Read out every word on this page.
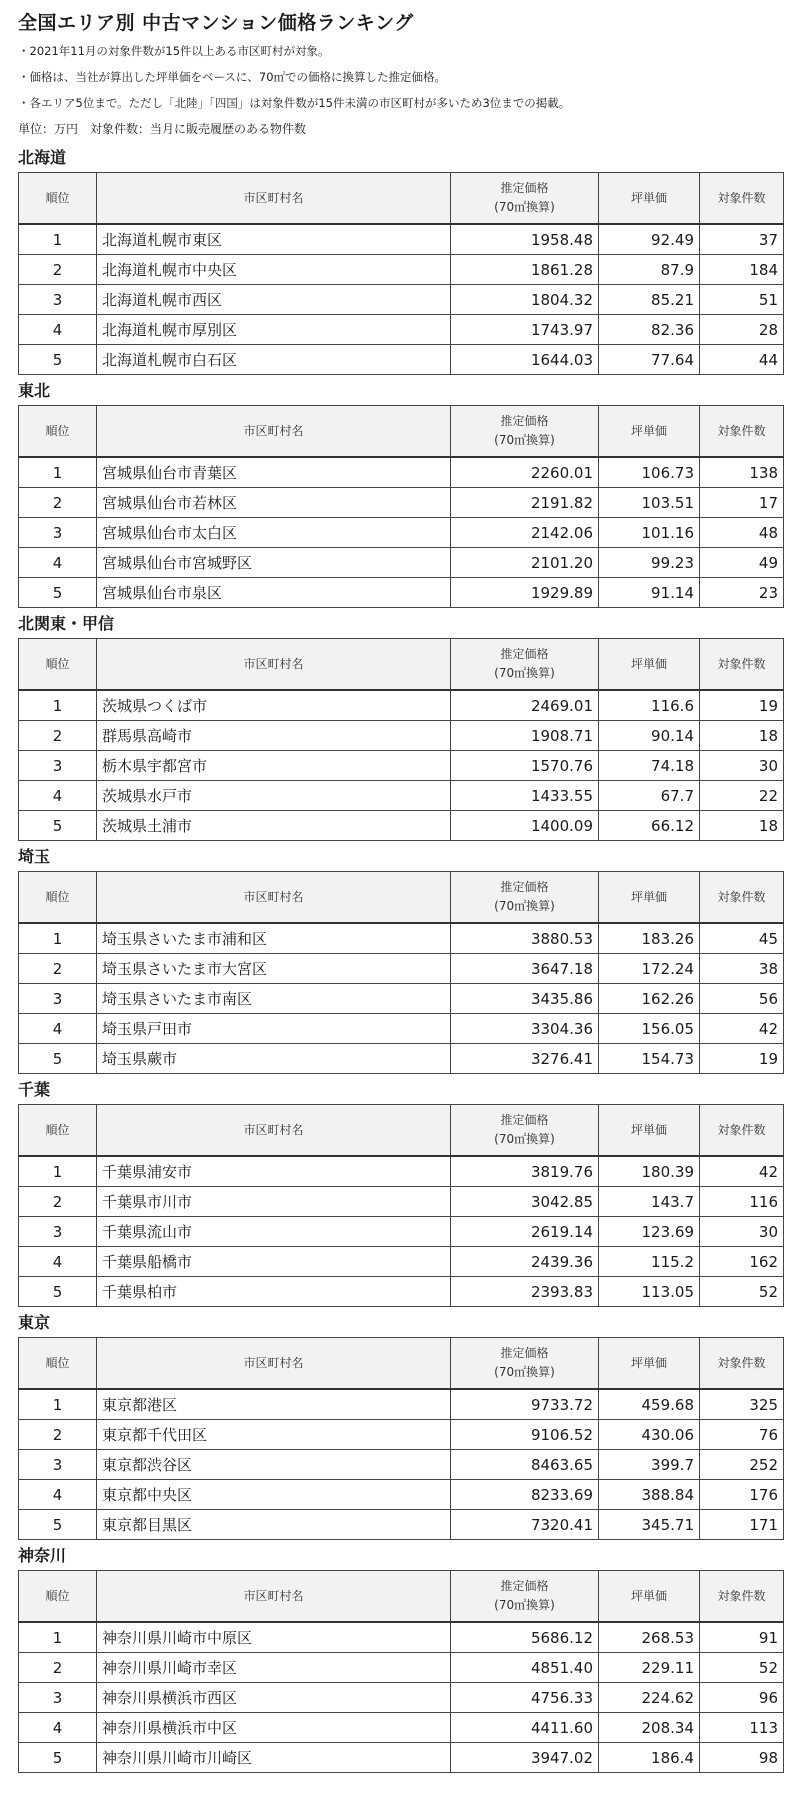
全国エリア別 中古マンション価格ランキング
・2021年11月の対象件数が15件以上ある市区町村が対象。
・価格は、当社が算出した坪単価をベースに、70㎡での価格に換算した推定価格。
・各エリア5位まで。ただし「北陸」「四国」は対象件数が15件未満の市区町村が多いため3位までの掲載。
単位：万円　対象件数：当月に販売履歴のある物件数
北海道
順位	市区町村名	推定価格
(70㎡換算)	坪単価	対象件数
1	北海道札幌市東区	1958.48	92.49	37
2	北海道札幌市中央区	1861.28	87.9	184
3	北海道札幌市西区	1804.32	85.21	51
4	北海道札幌市厚別区	1743.97	82.36	28
5	北海道札幌市白石区	1644.03	77.64	44
東北
順位	市区町村名	推定価格
(70㎡換算)	坪単価	対象件数
1	宮城県仙台市青葉区	2260.01	106.73	138
2	宮城県仙台市若林区	2191.82	103.51	17
3	宮城県仙台市太白区	2142.06	101.16	48
4	宮城県仙台市宮城野区	2101.20	99.23	49
5	宮城県仙台市泉区	1929.89	91.14	23
北関東・甲信
順位	市区町村名	推定価格
(70㎡換算)	坪単価	対象件数
1	茨城県つくば市	2469.01	116.6	19
2	群馬県高崎市	1908.71	90.14	18
3	栃木県宇都宮市	1570.76	74.18	30
4	茨城県水戸市	1433.55	67.7	22
5	茨城県土浦市	1400.09	66.12	18
埼玉
順位	市区町村名	推定価格
(70㎡換算)	坪単価	対象件数
1	埼玉県さいたま市浦和区	3880.53	183.26	45
2	埼玉県さいたま市大宮区	3647.18	172.24	38
3	埼玉県さいたま市南区	3435.86	162.26	56
4	埼玉県戸田市	3304.36	156.05	42
5	埼玉県蕨市	3276.41	154.73	19
千葉
順位	市区町村名	推定価格
(70㎡換算)	坪単価	対象件数
1	千葉県浦安市	3819.76	180.39	42
2	千葉県市川市	3042.85	143.7	116
3	千葉県流山市	2619.14	123.69	30
4	千葉県船橋市	2439.36	115.2	162
5	千葉県柏市	2393.83	113.05	52
東京
順位	市区町村名	推定価格
(70㎡換算)	坪単価	対象件数
1	東京都港区	9733.72	459.68	325
2	東京都千代田区	9106.52	430.06	76
3	東京都渋谷区	8463.65	399.7	252
4	東京都中央区	8233.69	388.84	176
5	東京都目黒区	7320.41	345.71	171
神奈川
順位	市区町村名	推定価格
(70㎡換算)	坪単価	対象件数
1	神奈川県川崎市中原区	5686.12	268.53	91
2	神奈川県川崎市幸区	4851.40	229.11	52
3	神奈川県横浜市西区	4756.33	224.62	96
4	神奈川県横浜市中区	4411.60	208.34	113
5	神奈川県川崎市川崎区	3947.02	186.4	98
